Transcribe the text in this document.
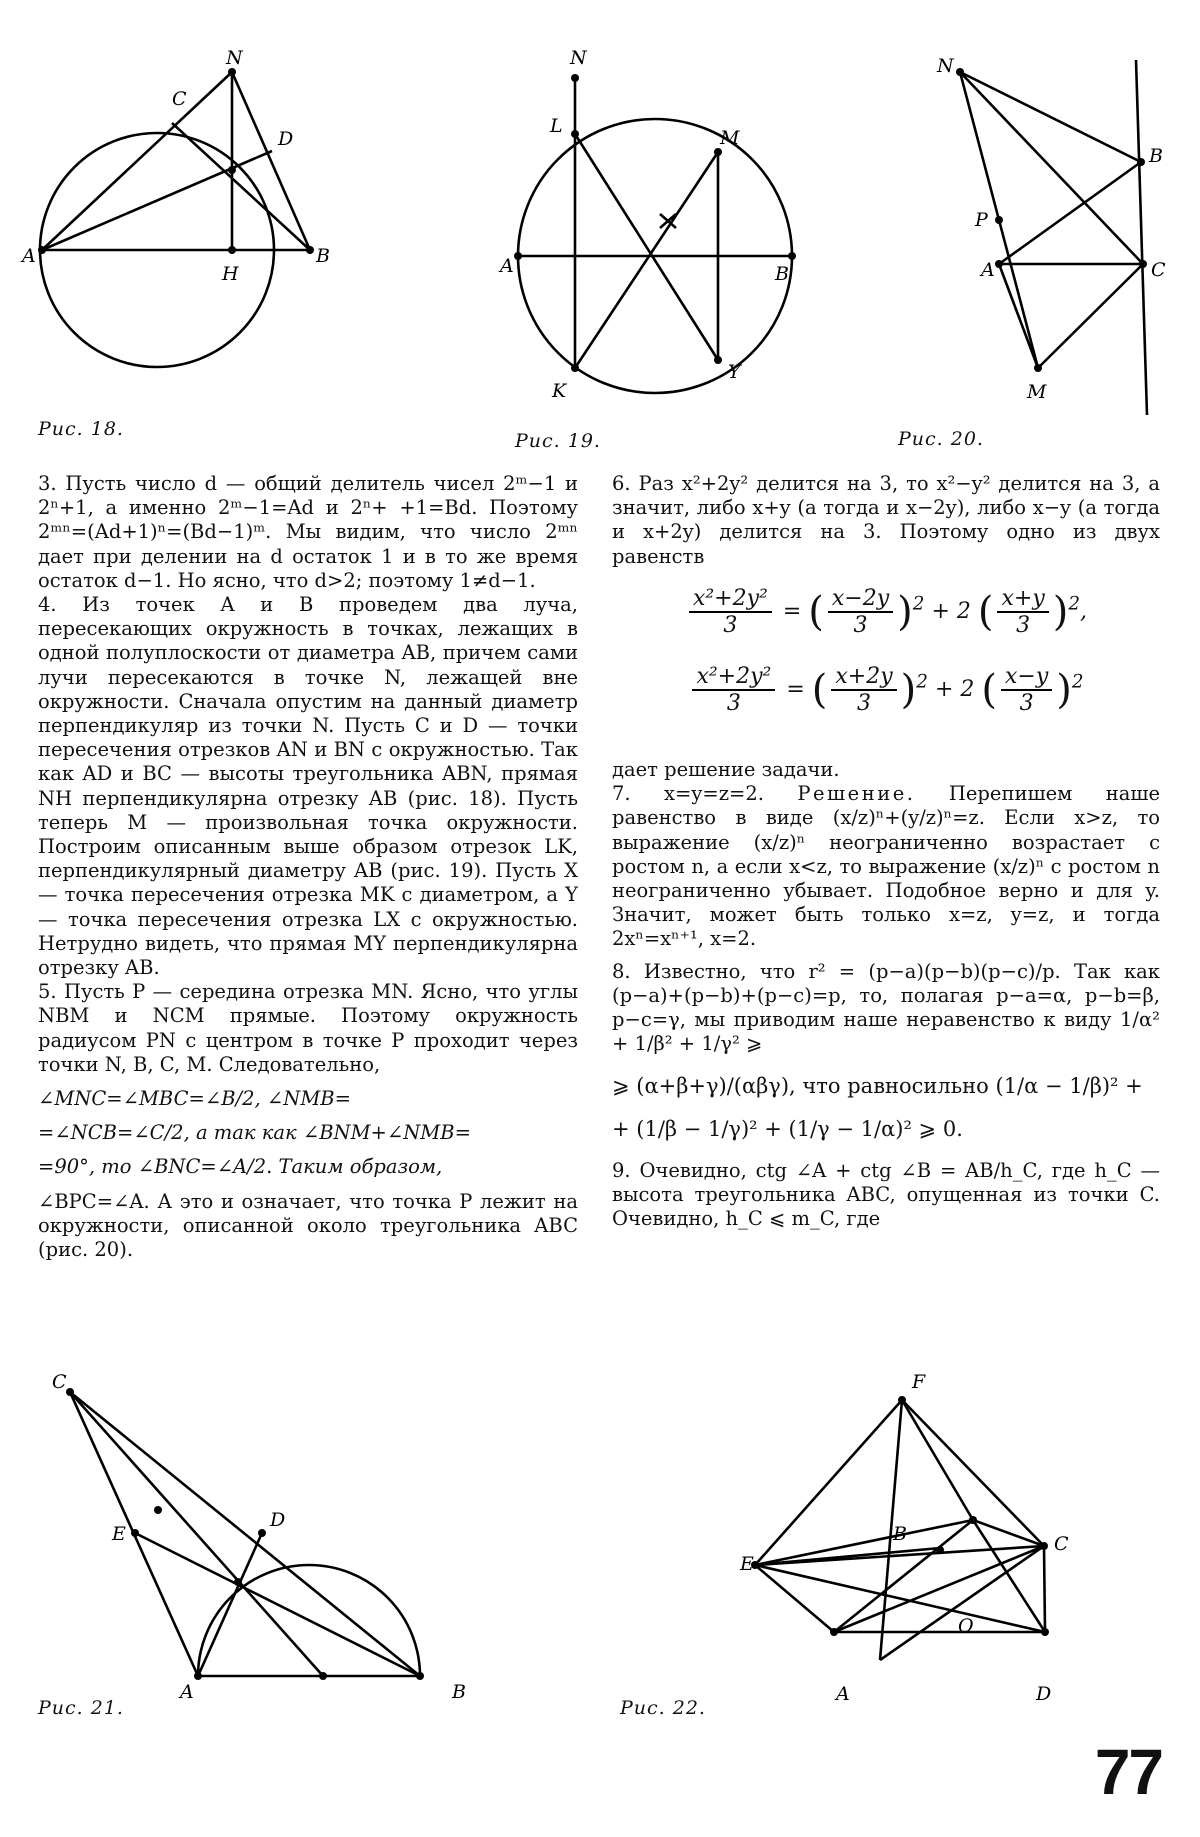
N
C
D
A	B
H
Рис. 18.
N
L
M
A	B
K
Y
Рис. 19.
N
B
P
A	C
M
Рис. 20.

3. Пусть число d — общий делитель чисел 2ᵐ−1 и 2ⁿ+1, а именно 2ᵐ−1=Ad и 2ⁿ+ +1=Bd. Поэтому 2ᵐⁿ=(Ad+1)ⁿ=(Bd−1)ᵐ. Мы видим, что число 2ᵐⁿ дает при делении на d остаток 1 и в то же время остаток d−1. Но ясно, что d>2; поэтому 1≠d−1.

4. Из точек A и B проведем два луча, пересекающих окружность в точках, лежащих в одной полуплоскости от диаметра AB, причем сами лучи пересекаются в точке N, лежащей вне окружности. Сначала опустим на данный диаметр перпендикуляр из точки N. Пусть C и D — точки пересечения отрезков AN и BN с окружностью. Так как AD и BC — высоты треугольника ABN, прямая NH перпендикулярна отрезку AB (рис. 18). Пусть теперь M — произвольная точка окружности. Построим описанным выше образом отрезок LK, перпендикулярный диаметру AB (рис. 19). Пусть X — точка пересечения отрезка MK с диаметром, а Y — точка пересечения отрезка LX с окружностью. Нетрудно видеть, что прямая MY перпендикулярна отрезку AB.

5. Пусть P — середина отрезка MN. Ясно, что углы NBM и NCM прямые. Поэтому окружность радиусом PN с центром в точке P проходит через точки N, B, C, M. Следовательно,

∠MNC=∠MBC=∠B/2, ∠NMB=

=∠NCB=∠C/2, а так как ∠BNM+∠NMB=

=90°, то ∠BNC=∠A/2. Таким образом,

∠BPC=∠A. А это и означает, что точка P лежит на окружности, описанной около треугольника ABC (рис. 20).

6. Раз x²+2y² делится на 3, то x²−y² делится на 3, а значит, либо x+y (а тогда и x−2y), либо x−y (а тогда и x+2y) делится на 3. Поэтому одно из двух равенств

$\frac{\text{x²+2y²}}{3}$ = ( $\frac{x-2y}{3} )^2 + 2$ ( $\frac{x+y}{3} )^2$,
$\frac{\text{x²+2y²}}{3}$ = ( $\frac{x+2y}{3} )^2 + 2$ ( $\frac{x-y}{3} )^2$

дает решение задачи.

7. x=y=z=2. Решение. Перепишем наше равенство в виде (x/z)ⁿ+(y/z)ⁿ=z. Если x>z, то выражение (x/z)ⁿ неограниченно возрастает с ростом n, а если x<z, то выражение (x/z)ⁿ с ростом n неограниченно убывает. Подобное верно и для y. Значит, может быть только x=z, y=z, и тогда 2xⁿ=xⁿ⁺¹, x=2.

8. Известно, что r² = (p−a)(p−b)(p−c)/p. Так как (p−a)+(p−b)+(p−c)=p, то, полагая p−a=α, p−b=β, p−c=γ, мы приводим наше неравенство к виду 1/α² + 1/β² + 1/γ² ⩾

⩾ (α+β+γ)/(αβγ), что равносильно (1/α − 1/β)² +

+ (1/β − 1/γ)² + (1/γ − 1/α)² ⩾ 0.

9. Очевидно, ctg ∠A + ctg ∠B = AB/h_C, где h_C — высота треугольника ABC, опущенная из точки C. Очевидно, h_C ⩽ m_C, где

C
E
D
A	B
Рис. 21.
F
B	C
E
O
A	D
Рис. 22.
77
